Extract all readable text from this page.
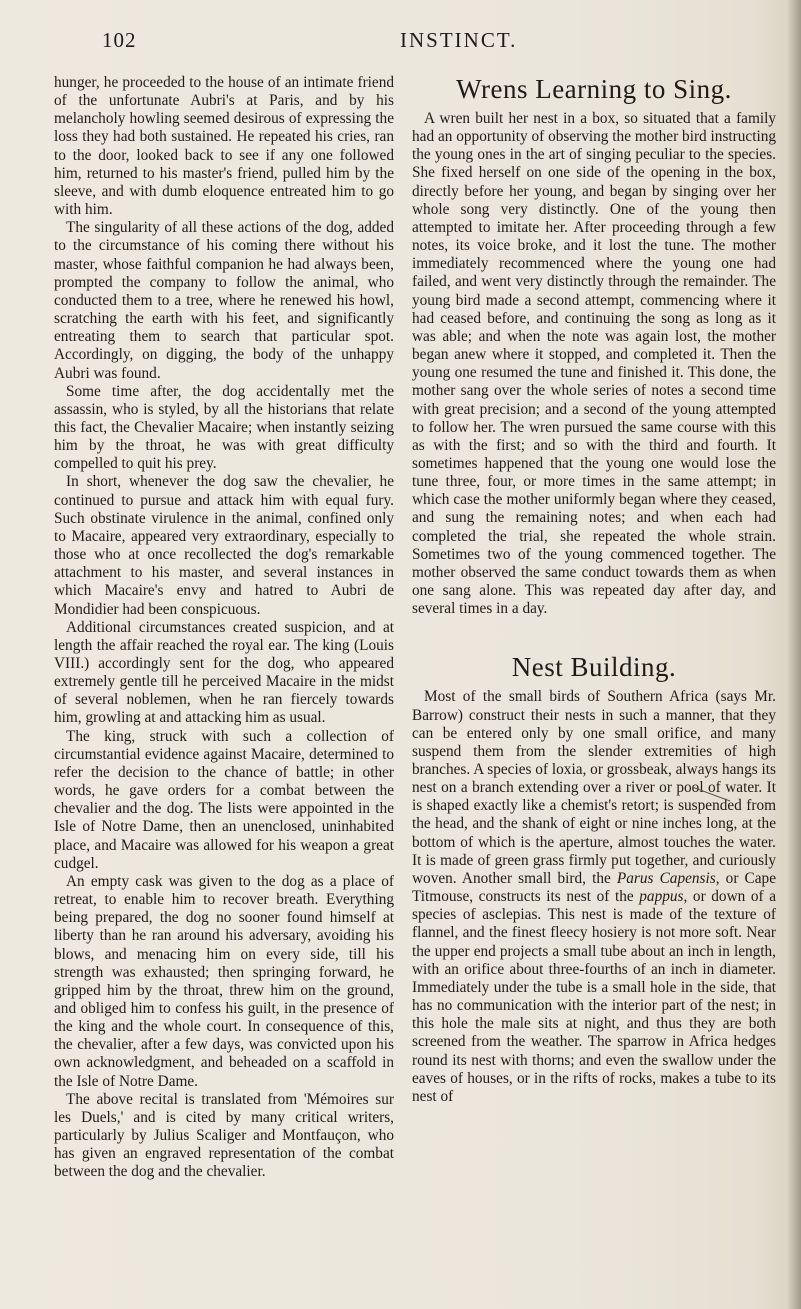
102	INSTINCT.

hunger, he proceeded to the house of an intimate friend of the unfortunate Aubri's at Paris, and by his melancholy howling seemed desirous of expressing the loss they had both sustained. He repeated his cries, ran to the door, looked back to see if any one followed him, returned to his master's friend, pulled him by the sleeve, and with dumb eloquence entreated him to go with him.

The singularity of all these actions of the dog, added to the circumstance of his coming there without his master, whose faithful companion he had always been, prompted the company to follow the animal, who conducted them to a tree, where he renewed his howl, scratching the earth with his feet, and significantly entreating them to search that particular spot. Accordingly, on digging, the body of the unhappy Aubri was found.

Some time after, the dog accidentally met the assassin, who is styled, by all the historians that relate this fact, the Chevalier Macaire; when instantly seizing him by the throat, he was with great difficulty compelled to quit his prey.

In short, whenever the dog saw the chevalier, he continued to pursue and attack him with equal fury. Such obstinate virulence in the animal, confined only to Macaire, appeared very extraordinary, especially to those who at once recollected the dog's remarkable attachment to his master, and several instances in which Macaire's envy and hatred to Aubri de Mondidier had been conspicuous.

Additional circumstances created suspicion, and at length the affair reached the royal ear. The king (Louis VIII.) accordingly sent for the dog, who appeared extremely gentle till he perceived Macaire in the midst of several noblemen, when he ran fiercely towards him, growling at and attacking him as usual.

The king, struck with such a collection of circumstantial evidence against Macaire, determined to refer the decision to the chance of battle; in other words, he gave orders for a combat between the chevalier and the dog. The lists were appointed in the Isle of Notre Dame, then an unenclosed, uninhabited place, and Macaire was allowed for his weapon a great cudgel.

An empty cask was given to the dog as a place of retreat, to enable him to recover breath. Everything being prepared, the dog no sooner found himself at liberty than he ran around his adversary, avoiding his blows, and menacing him on every side, till his strength was exhausted; then springing forward, he gripped him by the throat, threw him on the ground, and obliged him to confess his guilt, in the presence of the king and the whole court. In consequence of this, the chevalier, after a few days, was convicted upon his own acknowledgment, and beheaded on a scaffold in the Isle of Notre Dame.

The above recital is translated from 'Mémoires sur les Duels,' and is cited by many critical writers, particularly by Julius Scaliger and Montfauçon, who has given an engraved representation of the combat between the dog and the chevalier.

Wrens Learning to Sing.

A wren built her nest in a box, so situated that a family had an opportunity of observing the mother bird instructing the young ones in the art of singing peculiar to the species. She fixed herself on one side of the opening in the box, directly before her young, and began by singing over her whole song very distinctly. One of the young then attempted to imitate her. After proceeding through a few notes, its voice broke, and it lost the tune. The mother immediately recommenced where the young one had failed, and went very distinctly through the remainder. The young bird made a second attempt, commencing where it had ceased before, and continuing the song as long as it was able; and when the note was again lost, the mother began anew where it stopped, and completed it. Then the young one resumed the tune and finished it. This done, the mother sang over the whole series of notes a second time with great precision; and a second of the young attempted to follow her. The wren pursued the same course with this as with the first; and so with the third and fourth. It sometimes happened that the young one would lose the tune three, four, or more times in the same attempt; in which case the mother uniformly began where they ceased, and sung the remaining notes; and when each had completed the trial, she repeated the whole strain. Sometimes two of the young commenced together. The mother observed the same conduct towards them as when one sang alone. This was repeated day after day, and several times in a day.

Nest Building.

Most of the small birds of Southern Africa (says Mr. Barrow) construct their nests in such a manner, that they can be entered only by one small orifice, and many suspend them from the slender extremities of high branches. A species of loxia, or grossbeak, always hangs its nest on a branch extending over a river or pool of water. It is shaped exactly like a chemist's retort; is suspended from the head, and the shank of eight or nine inches long, at the bottom of which is the aperture, almost touches the water. It is made of green grass firmly put together, and curiously woven. Another small bird, the Parus Capensis, or Cape Titmouse, constructs its nest of the pappus, or down of a species of asclepias. This nest is made of the texture of flannel, and the finest fleecy hosiery is not more soft. Near the upper end projects a small tube about an inch in length, with an orifice about three-fourths of an inch in diameter. Immediately under the tube is a small hole in the side, that has no communication with the interior part of the nest; in this hole the male sits at night, and thus they are both screened from the weather. The sparrow in Africa hedges round its nest with thorns; and even the swallow under the eaves of houses, or in the rifts of rocks, makes a tube to its nest of
